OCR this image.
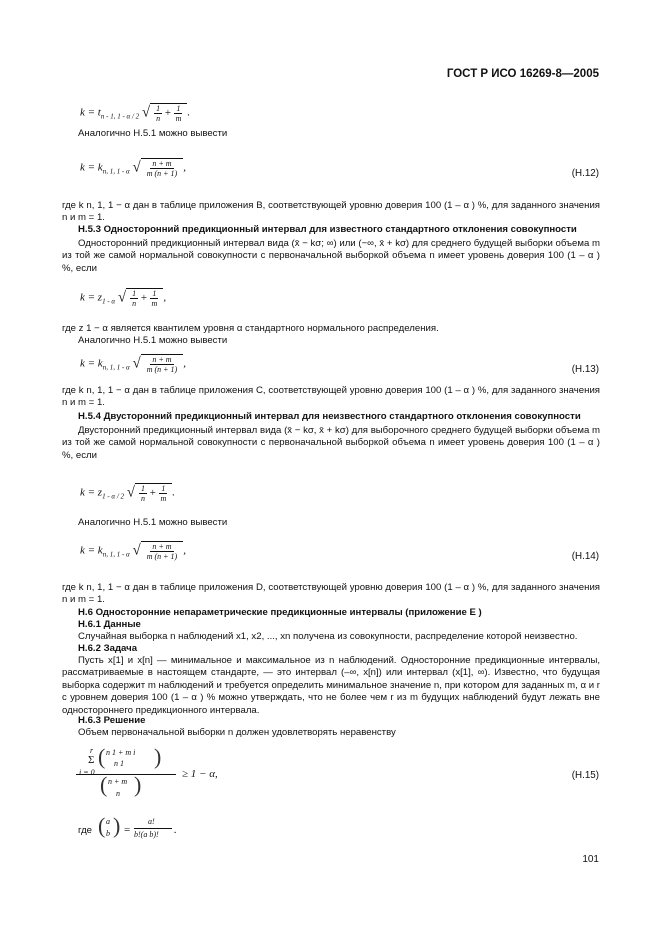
ГОСТ Р ИСО 16269-8—2005
$k = t_{n - 1, 1 - \alpha / 2}$ √ $\frac{1}{n} + \frac{1}{m}$ .
Аналогично Н.5.1 можно вывести
$k = k_{n, 1, 1 - \alpha}$ √ $\frac{n + m}{m (n + 1)}$ ,	(Н.12)
где k n, 1, 1 − α дан в таблице приложения В, соответствующей уровню доверия 100 (1 – α ) %, для заданного значения n и m = 1.
Н.5.3 Односторонний предикционный интервал для известного стандартного отклонения совокупности
Односторонний предикционный интервал вида (x̄ − kσ; ∞) или (−∞, x̄ + kσ) для среднего будущей выборки объема m из той же самой нормальной совокупности с первоначальной выборкой объема n имеет уровень доверия 100 (1 – α ) %, если
$k = z_{1 - \alpha}$ √ $\frac{1}{n} + \frac{1}{m}$ ,
где z 1 − α является квантилем уровня α стандартного нормального распределения.
Аналогично Н.5.1 можно вывести
$k = k_{n, 1, 1 - \alpha}$ √ $\frac{n + m}{m (n + 1)}$ ,	(Н.13)
где k n, 1, 1 − α дан в таблице приложения С, соответствующей уровню доверия 100 (1 – α ) %, для заданного значения n и m = 1.
Н.5.4 Двусторонний предикционный интервал для неизвестного стандартного отклонения совокупности
Двусторонний предикционный интервал вида (x̄ − kσ, x̄ + kσ) для выборочного среднего будущей выборки объема m из той же самой нормальной совокупности с первоначальной выборкой объема n имеет уровень доверия 100 (1 – α ) %, если
$k = z_{1 - \alpha / 2}$ √ $\frac{1}{n} + \frac{1}{m}$ .
Аналогично Н.5.1 можно вывести
$k = k_{n, 1, 1 - \alpha}$ √ $\frac{n + m}{m (n + 1)}$ ,	(Н.14)
где k n, 1, 1 − α дан в таблице приложения D, соответствующей уровню доверия 100 (1 – α ) %, для заданного значения n и m = 1.
Н.6 Односторонние непараметрические предикционные интервалы (приложение Е )
Н.6.1 Данные
Случайная выборка n наблюдений x1, x2, ..., xn получена из совокупности, распределение которой неизвестно.
Н.6.2 Задача
Пусть x[1] и x[n] — минимальное и максимальное из n наблюдений. Односторонние предикционные интервалы, рассматриваемые в настоящем стандарте, — это интервал (–∞, x[n]) или интервал (x[1], ∞). Известно, что будущая выборка содержит m наблюдений и требуется определить минимальное значение n, при котором для заданных m, α и r с уровнем доверия 100 (1 – α ) % можно утверждать, что не более чем r из m будущих наблюдений будут лежать вне одностороннего предикционного интервала.
Н.6.3 Решение
Объем первоначальной выборки n должен удовлетворять неравенству
r
Σ
i = 0
( n 1 + m i
n 1 )
( n + m
n )	≥ 1 − α,	(Н.15)
где ( a
b ) =
a!
b!(a b)! .
101
